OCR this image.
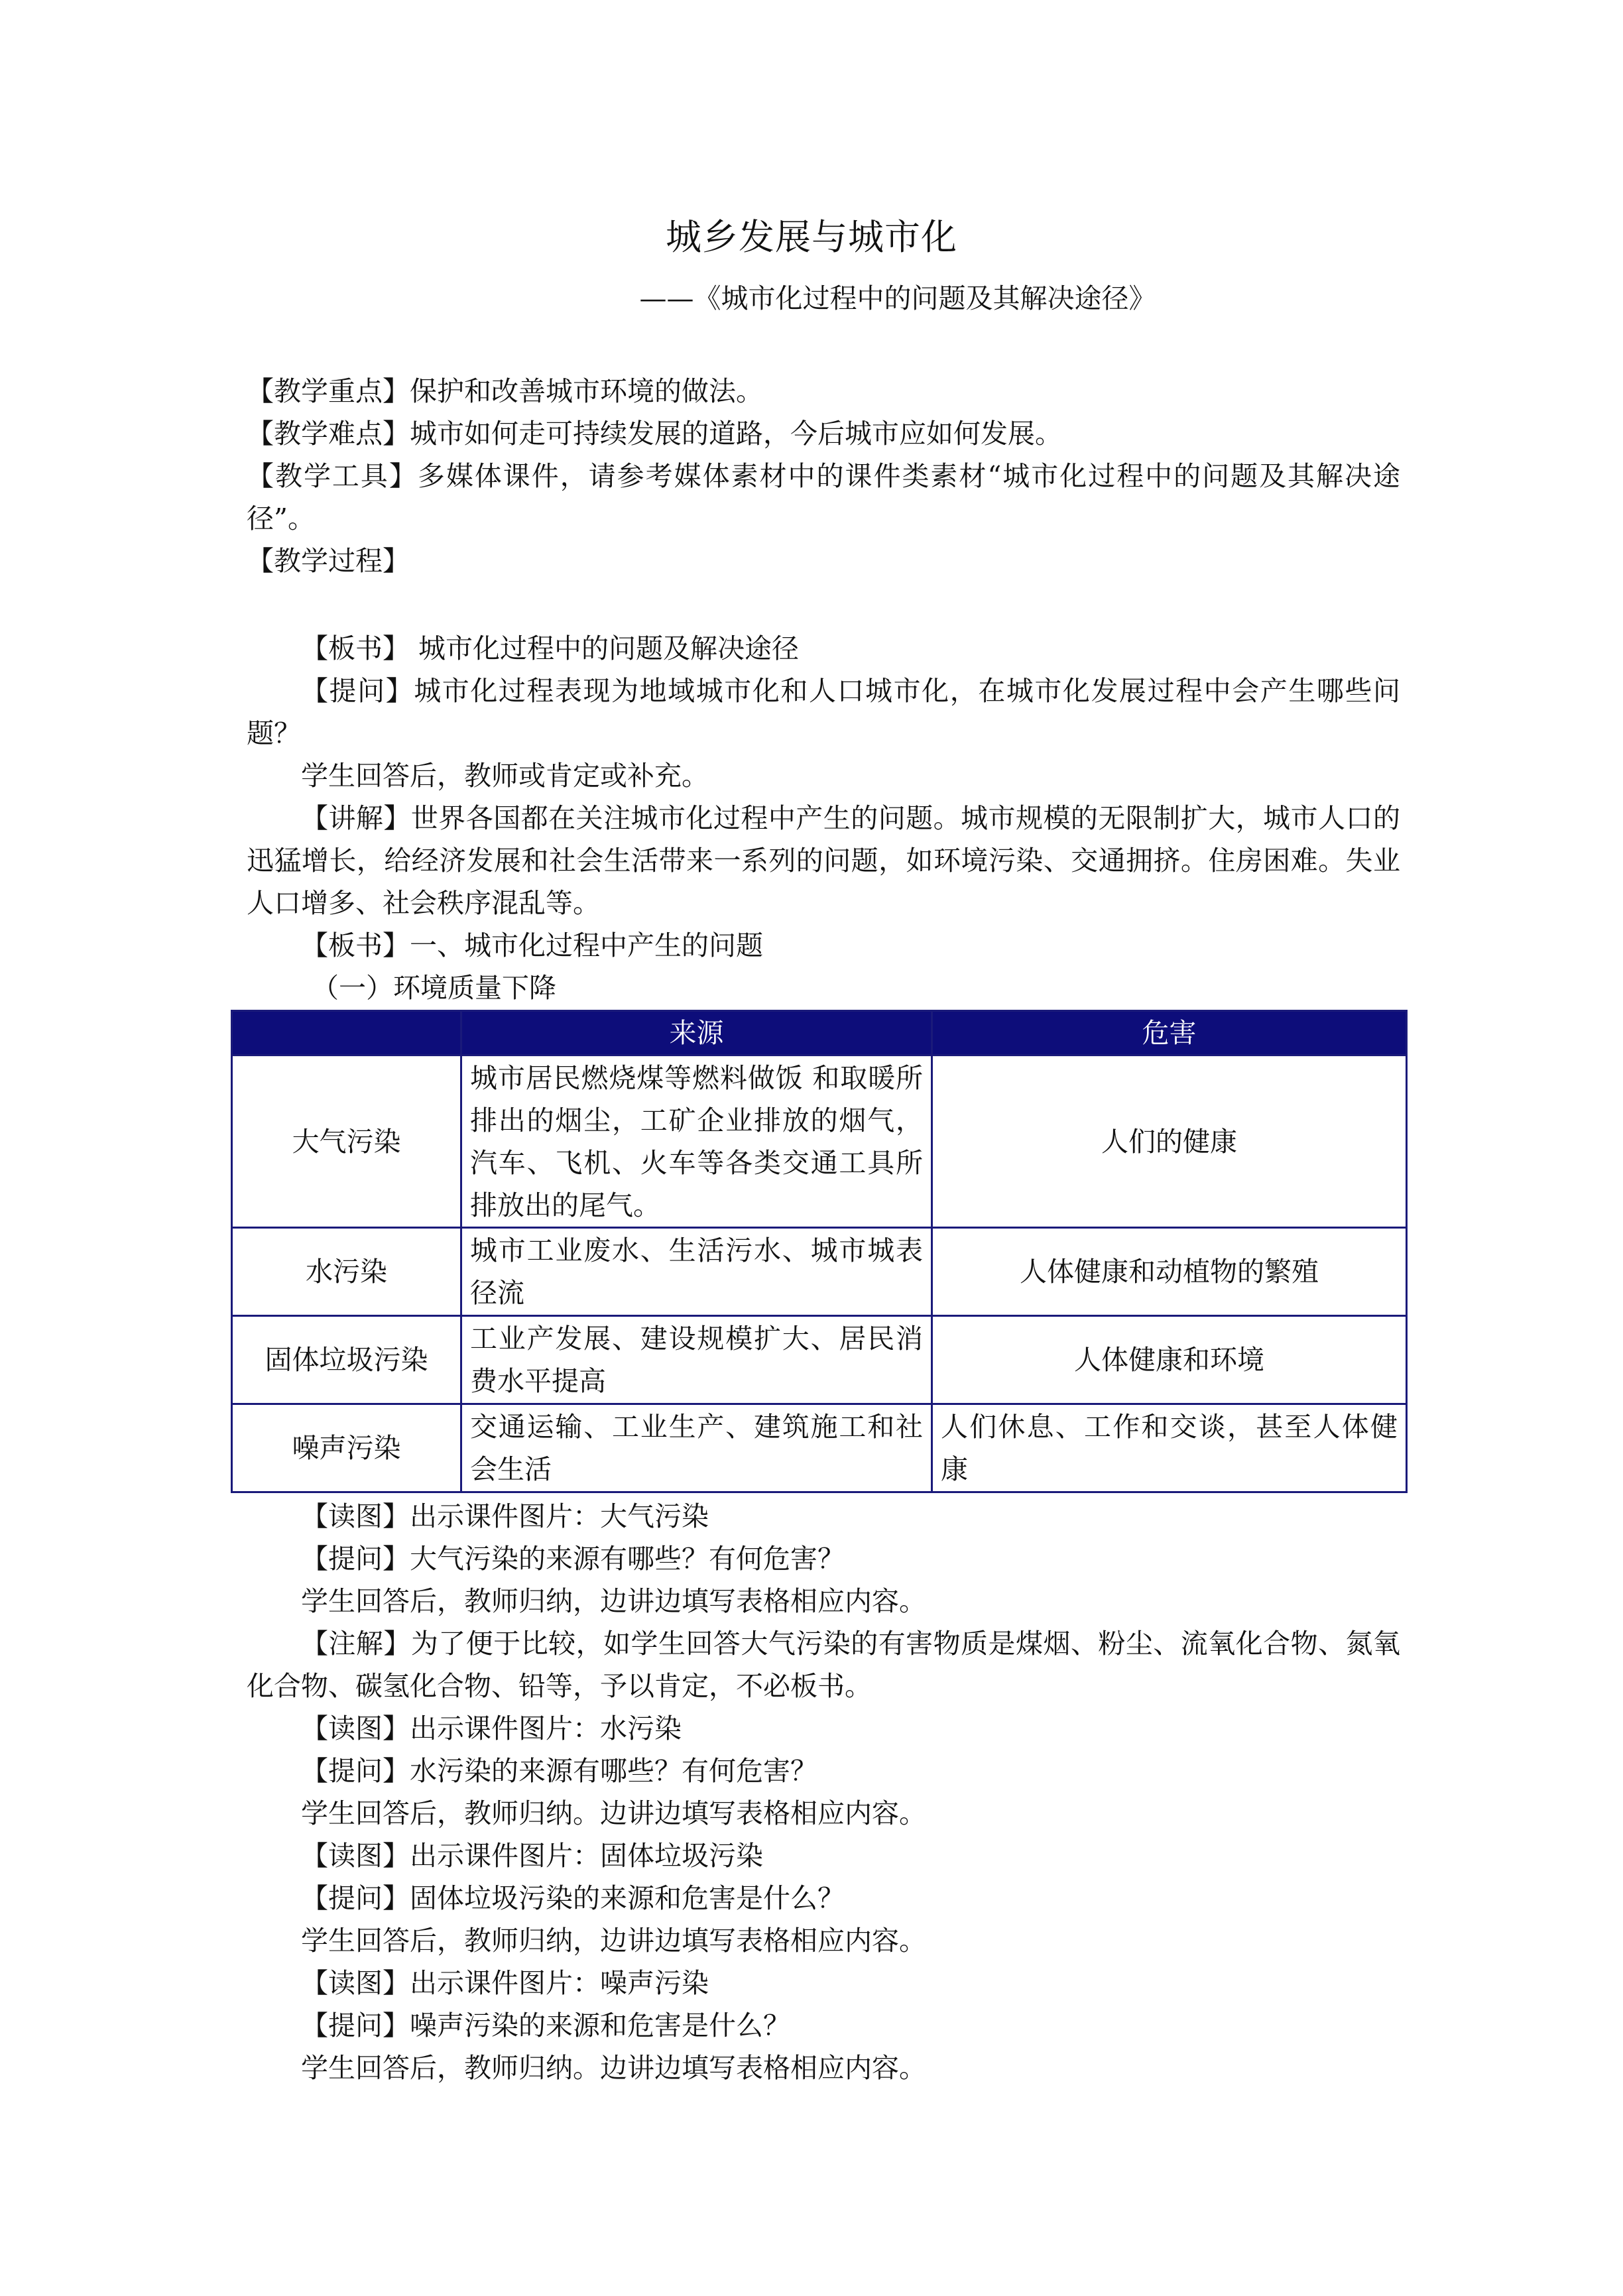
城乡发展与城市化
——《城市化过程中的问题及其解决途径》

【教学重点】保护和改善城市环境的做法。

【教学难点】城市如何走可持续发展的道路，今后城市应如何发展。

【教学工具】多媒体课件，请参考媒体素材中的课件类素材“城市化过程中的问题及其解决途径”。

【教学过程】

【板书】 城市化过程中的问题及解决途径

【提问】城市化过程表现为地域城市化和人口城市化，在城市化发展过程中会产生哪些问题？

学生回答后，教师或肯定或补充。

【讲解】世界各国都在关注城市化过程中产生的问题。城市规模的无限制扩大，城市人口的迅猛增长，给经济发展和社会生活带来一系列的问题，如环境污染、交通拥挤。住房困难。失业人口增多、社会秩序混乱等。

【板书】一、城市化过程中产生的问题

（一）环境质量下降

	来源	危害
大气污染	城市居民燃烧煤等燃料做饭 和取暖所排出的烟尘，工矿企业排放的烟气，汽车、飞机、火车等各类交通工具所排放出的尾气。	人们的健康
水污染	城市工业废水、生活污水、城市城表径流	人体健康和动植物的繁殖
固体垃圾污染	工业产发展、建设规模扩大、居民消费水平提高	人体健康和环境
噪声污染	交通运输、工业生产、建筑施工和社会生活	人们休息、工作和交谈，甚至人体健康

【读图】出示课件图片：大气污染

【提问】大气污染的来源有哪些？有何危害？

学生回答后，教师归纳，边讲边填写表格相应内容。

【注解】为了便于比较，如学生回答大气污染的有害物质是煤烟、粉尘、流氧化合物、氮氧化合物、碳氢化合物、铅等，予以肯定，不必板书。

【读图】出示课件图片：水污染

【提问】水污染的来源有哪些？有何危害？

学生回答后，教师归纳。边讲边填写表格相应内容。

【读图】出示课件图片：固体垃圾污染

【提问】固体垃圾污染的来源和危害是什么？

学生回答后，教师归纳，边讲边填写表格相应内容。

【读图】出示课件图片：噪声污染

【提问】噪声污染的来源和危害是什么？

学生回答后，教师归纳。边讲边填写表格相应内容。
